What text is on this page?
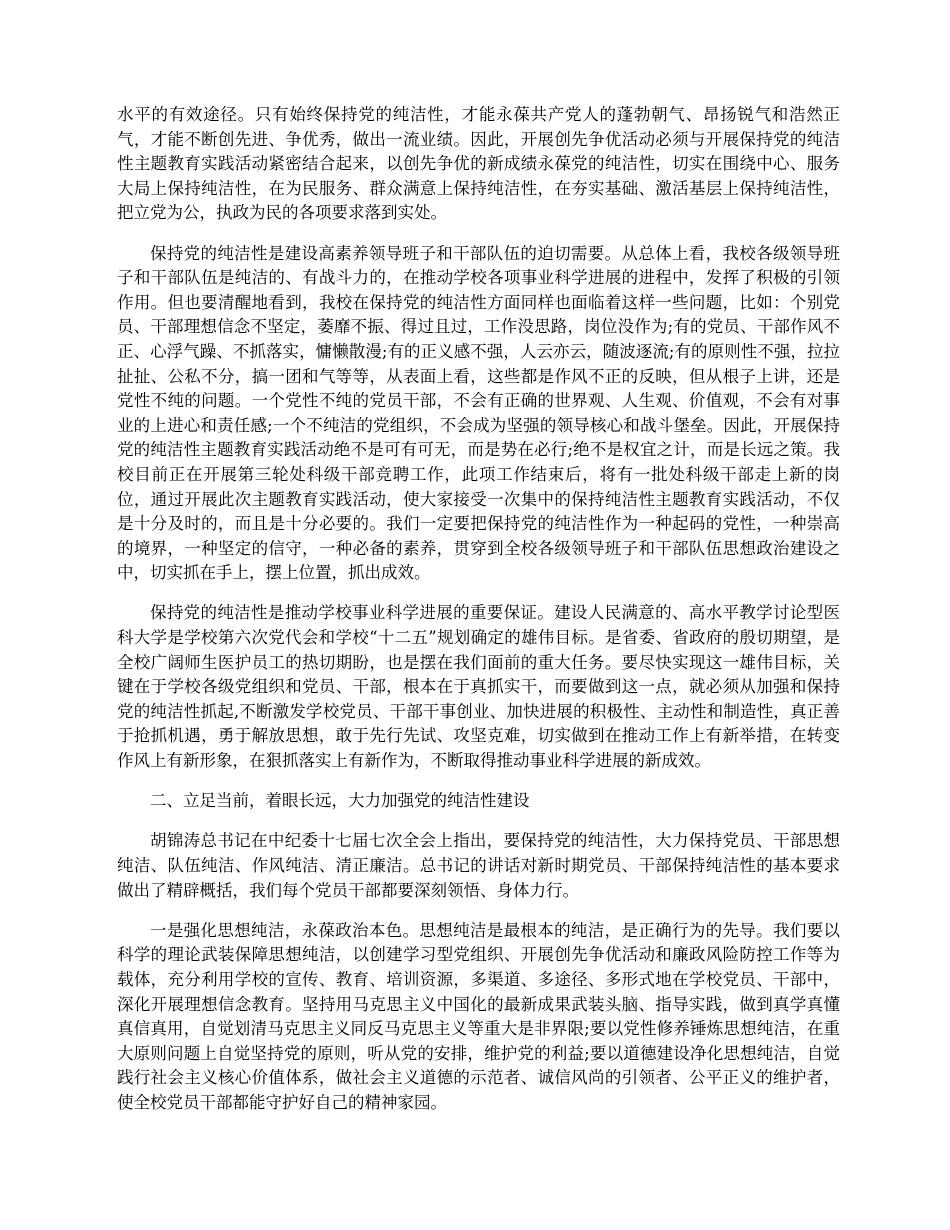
水平的有效途径。只有始终保持党的纯洁性，才能永葆共产党人的蓬勃朝气、昂扬锐气和浩然正气，才能不断创先进、争优秀，做出一流业绩。因此，开展创先争优活动必须与开展保持党的纯洁性主题教育实践活动紧密结合起来，以创先争优的新成绩永葆党的纯洁性，切实在围绕中心、服务大局上保持纯洁性，在为民服务、群众满意上保持纯洁性，在夯实基础、激活基层上保持纯洁性，把立党为公，执政为民的各项要求落到实处。

保持党的纯洁性是建设高素养领导班子和干部队伍的迫切需要。从总体上看，我校各级领导班子和干部队伍是纯洁的、有战斗力的，在推动学校各项事业科学进展的进程中，发挥了积极的引领作用。但也要清醒地看到，我校在保持党的纯洁性方面同样也面临着这样一些问题，比如：个别党员、干部理想信念不坚定，萎靡不振、得过且过，工作没思路，岗位没作为;有的党员、干部作风不正、心浮气躁、不抓落实，慵懒散漫;有的正义感不强，人云亦云，随波逐流;有的原则性不强，拉拉扯扯、公私不分，搞一团和气等等，从表面上看，这些都是作风不正的反映，但从根子上讲，还是党性不纯的问题。一个党性不纯的党员干部，不会有正确的世界观、人生观、价值观，不会有对事业的上进心和责任感;一个不纯洁的党组织，不会成为坚强的领导核心和战斗堡垒。因此，开展保持党的纯洁性主题教育实践活动绝不是可有可无，而是势在必行;绝不是权宜之计，而是长远之策。我校目前正在开展第三轮处科级干部竞聘工作，此项工作结束后，将有一批处科级干部走上新的岗位，通过开展此次主题教育实践活动，使大家接受一次集中的保持纯洁性主题教育实践活动，不仅是十分及时的，而且是十分必要的。我们一定要把保持党的纯洁性作为一种起码的党性，一种崇高的境界，一种坚定的信守，一种必备的素养，贯穿到全校各级领导班子和干部队伍思想政治建设之中，切实抓在手上，摆上位置，抓出成效。

保持党的纯洁性是推动学校事业科学进展的重要保证。建设人民满意的、高水平教学讨论型医科大学是学校第六次党代会和学校“十二五”规划确定的雄伟目标。是省委、省政府的殷切期望，是全校广阔师生医护员工的热切期盼，也是摆在我们面前的重大任务。要尽快实现这一雄伟目标，关键在于学校各级党组织和党员、干部，根本在于真抓实干，而要做到这一点，就必须从加强和保持党的纯洁性抓起,不断激发学校党员、干部干事创业、加快进展的积极性、主动性和制造性，真正善于抢抓机遇，勇于解放思想，敢于先行先试、攻坚克难，切实做到在推动工作上有新举措，在转变作风上有新形象，在狠抓落实上有新作为，不断取得推动事业科学进展的新成效。

二、立足当前，着眼长远，大力加强党的纯洁性建设

胡锦涛总书记在中纪委十七届七次全会上指出，要保持党的纯洁性，大力保持党员、干部思想纯洁、队伍纯洁、作风纯洁、清正廉洁。总书记的讲话对新时期党员、干部保持纯洁性的基本要求做出了精辟概括，我们每个党员干部都要深刻领悟、身体力行。

一是强化思想纯洁，永葆政治本色。思想纯洁是最根本的纯洁，是正确行为的先导。我们要以科学的理论武装保障思想纯洁，以创建学习型党组织、开展创先争优活动和廉政风险防控工作等为载体，充分利用学校的宣传、教育、培训资源，多渠道、多途径、多形式地在学校党员、干部中，深化开展理想信念教育。坚持用马克思主义中国化的最新成果武装头脑、指导实践，做到真学真懂真信真用，自觉划清马克思主义同反马克思主义等重大是非界限;要以党性修养锤炼思想纯洁，在重大原则问题上自觉坚持党的原则，听从党的安排，维护党的利益;要以道德建设净化思想纯洁，自觉践行社会主义核心价值体系，做社会主义道德的示范者、诚信风尚的引领者、公平正义的维护者，使全校党员干部都能守护好自己的精神家园。
